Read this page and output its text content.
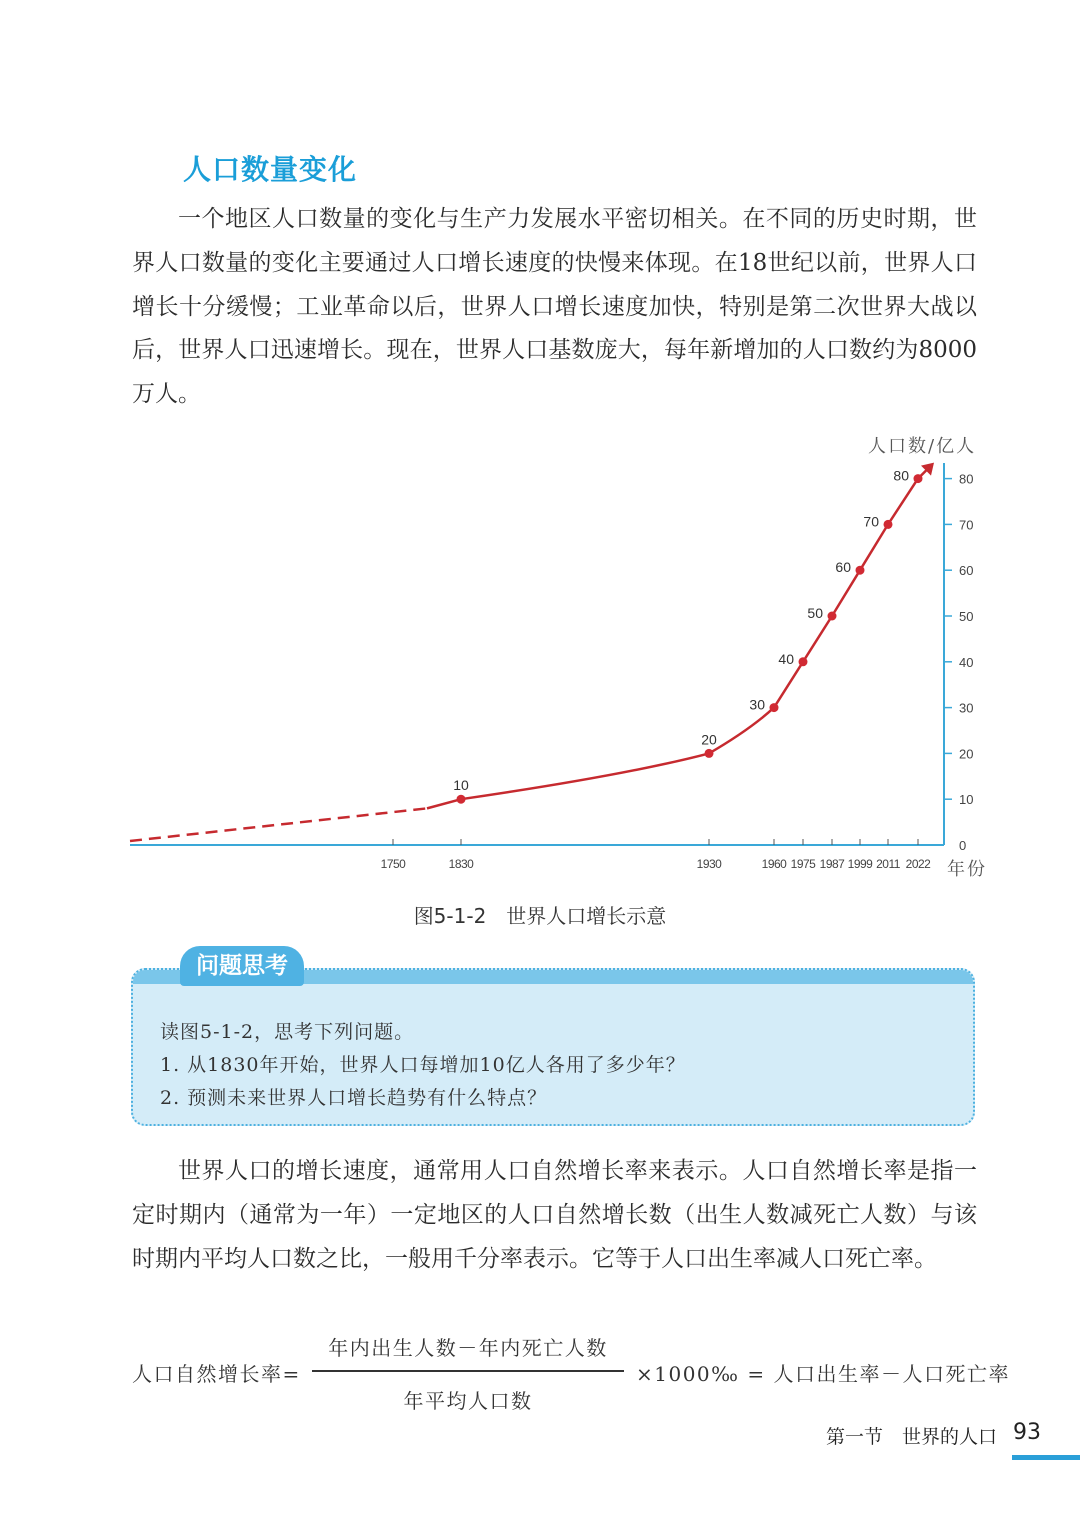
人口数量变化

一个地区人口数量的变化与生产力发展水平密切相关。在不同的历史时期，世界人口数量的变化主要通过人口增长速度的快慢来体现。在18世纪以前，世界人口增长十分缓慢；工业革命以后，世界人口增长速度加快，特别是第二次世界大战以后，世界人口迅速增长。现在，世界人口基数庞大，每年新增加的人口数约为8000万人。

0
10
20
30
40
50
60
70
80
人口数/亿人
1750	1830	1930	1960 1975 1987 1999 2011 2022 年份
10
20
30
40
50
60
70
80
图5-1-2　世界人口增长示意
问题思考
读图5-1-2，思考下列问题。
1. 从1830年开始，世界人口每增加10亿人各用了多少年？
2. 预测未来世界人口增长趋势有什么特点？

世界人口的增长速度，通常用人口自然增长率来表示。人口自然增长率是指一定时期内（通常为一年）一定地区的人口自然增长数（出生人数减死亡人数）与该时期内平均人口数之比，一般用千分率表示。它等于人口出生率减人口死亡率。

人口自然增长率=
年内出生人数－年内死亡人数
年平均人口数
×1000‰ = 人口出生率－人口死亡率
第一节　世界的人口 93
